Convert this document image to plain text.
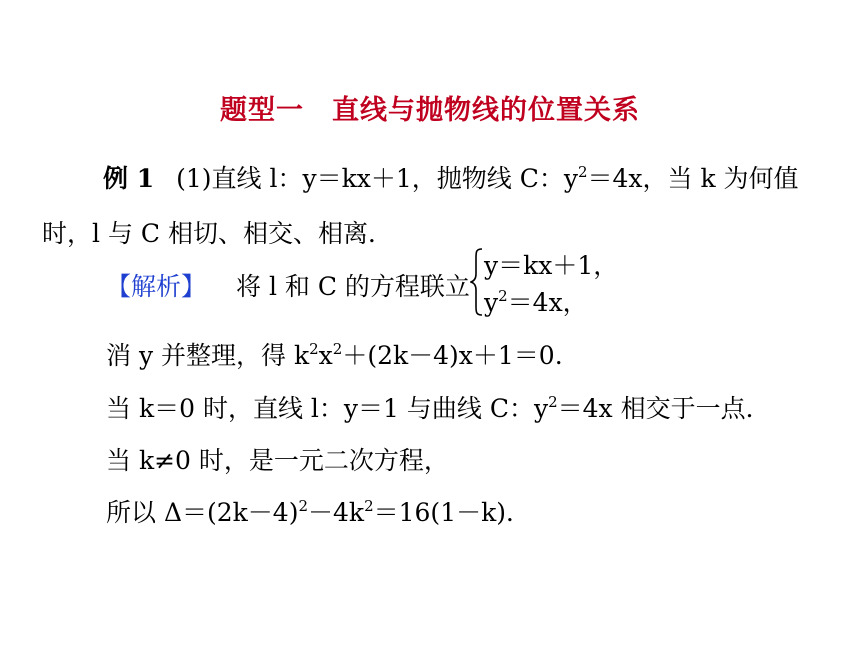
题型一　直线与抛物线的位置关系
例 1 (1)直线 l：y＝kx＋1，抛物线 C：$y^2=4x$，当 k 为何值
时，l 与 C 相切、相交、相离．
【解析】 将 l 和 C 的方程联立
y＝kx＋1，
$y^2=4x$，
消 y 并整理，得 $k^2x^2+(2k-4)x+1=0$.
当 k＝0 时，直线 l：y＝1 与曲线 C：$y^2=4x$ 相交于一点．
当 k≠0 时，是一元二次方程，
所以 $\Delta=(2k-4)^2-4k^2=16(1-k)$．
